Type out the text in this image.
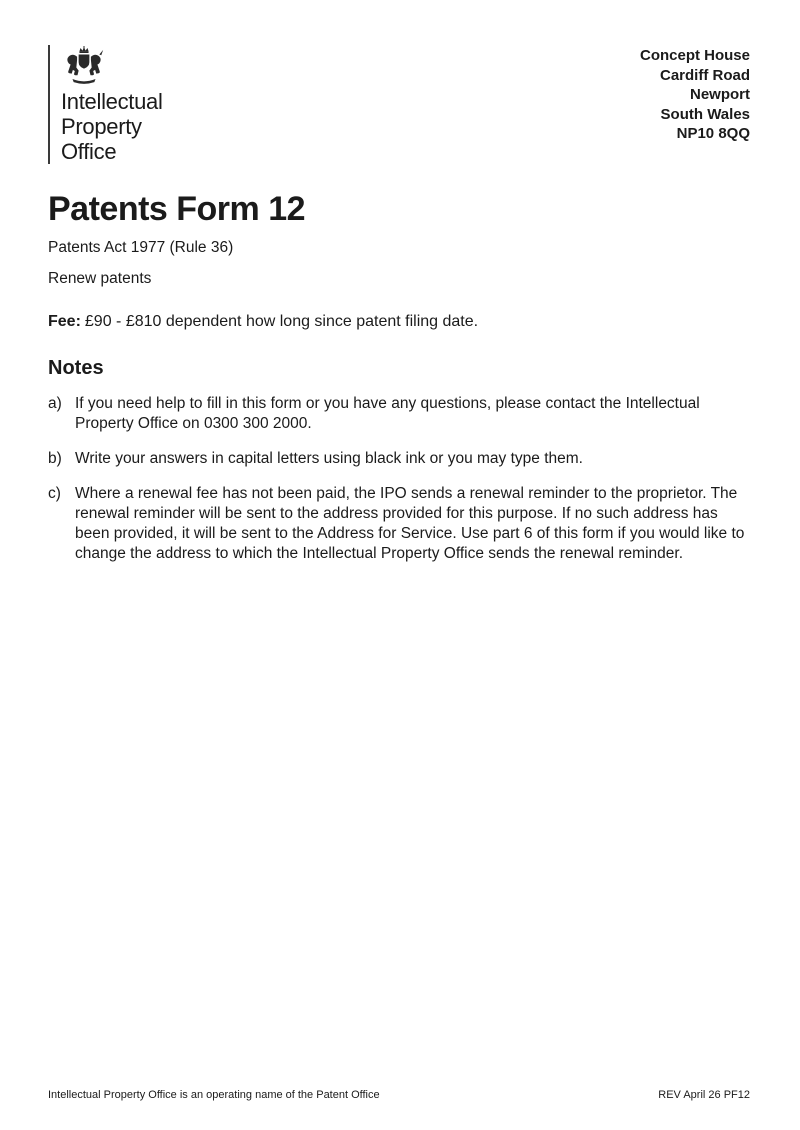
Intellectual
Property
Office
Concept House
Cardiff Road
Newport
South Wales
NP10 8QQ
Patents Form 12
Patents Act 1977 (Rule 36)
Renew patents
Fee: £90 - £810 dependent how long since patent filing date.
Notes
a) If you need help to fill in this form or you have any questions, please contact the Intellectual Property Office on 0300 300 2000.
b) Write your answers in capital letters using black ink or you may type them.
c) Where a renewal fee has not been paid, the IPO sends a renewal reminder to the proprietor. The renewal reminder will be sent to the address provided for this purpose. If no such address has been provided, it will be sent to the Address for Service. Use part 6 of this form if you would like to change the address to which the Intellectual Property Office sends the renewal reminder.
Intellectual Property Office is an operating name of the Patent Office	REV April 26 PF12
